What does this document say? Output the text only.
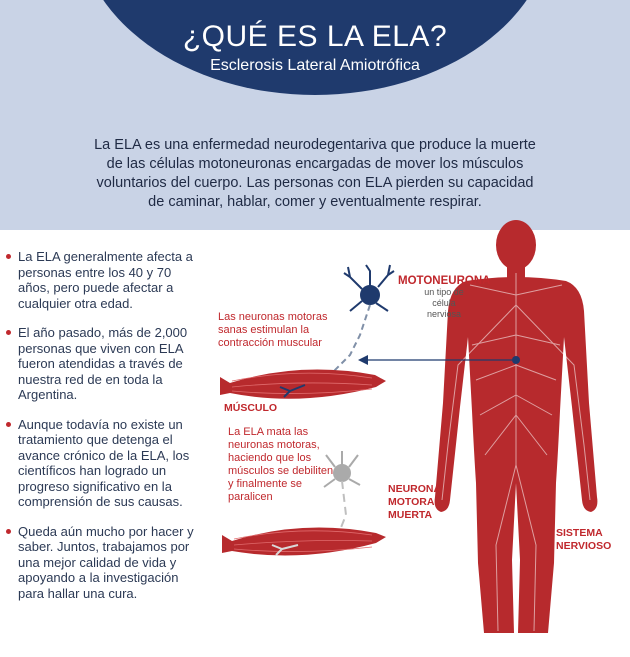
¿QUÉ ES LA ELA?
Esclerosis Lateral Amiotrófica
La ELA es una enfermedad neurodegentariva que produce la muerte de las células motoneuronas encargadas de mover los músculos voluntarios del cuerpo. Las personas con ELA pierden su capacidad de caminar, hablar, comer y eventualmente respirar.
La ELA generalmente afecta a personas entre los 40 y 70 años, pero puede afectar a cualquier otra edad.
El año pasado, más de 2,000 personas que viven con ELA fueron atendidas a través de nuestra red de en toda la Argentina.
Aunque todavía no existe un tratamiento que detenga el avance crónico de la ELA, los científicos han logrado un progreso significativo en la comprensión de sus causas.
Queda aún mucho por hacer y saber. Juntos, trabajamos por una mejor calidad de vida y apoyando a la investigación para hallar una cura.
MOTONEURONA
un tipo de célula nerviosa
Las neuronas motoras sanas estimulan la contracción muscular
MÚSCULO
La ELA mata las neuronas motoras, haciendo que los músculos se debiliten y finalmente se paralicen
NEURONA MOTORA MUERTA
SISTEMA NERVIOSO
